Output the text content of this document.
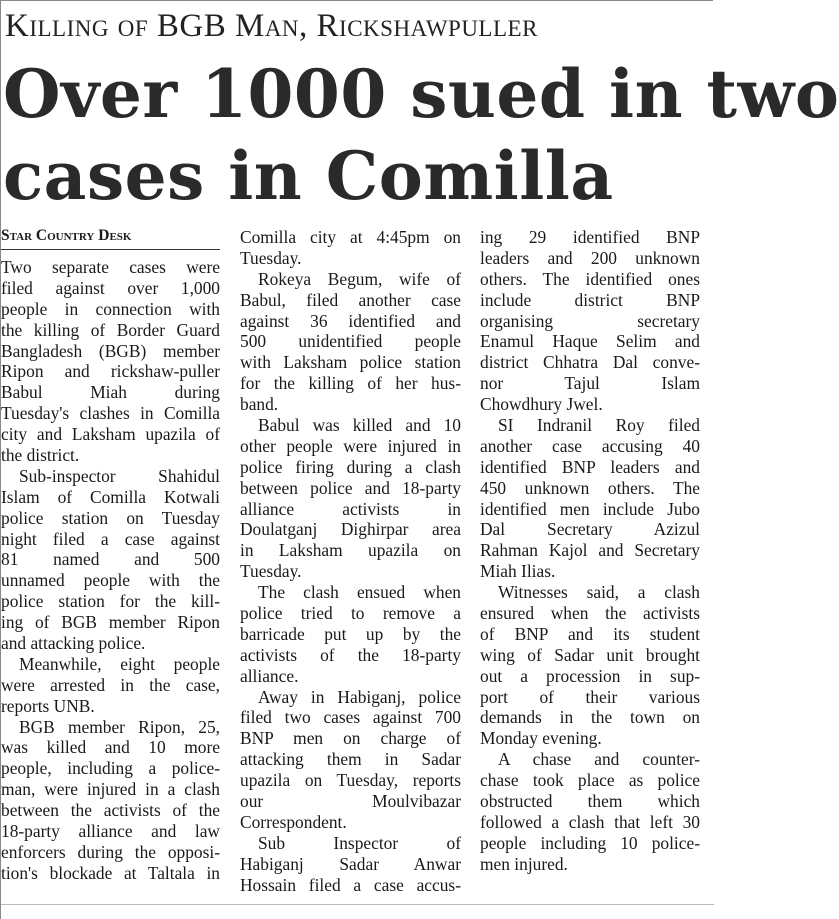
Killing of BGB Man, Rickshawpuller
Over 1000 sued in two
cases in Comilla
Star Country Desk
Two separate cases were
filed against over 1,000
people in connection with
the killing of Border Guard
Bangladesh (BGB) member
Ripon and rickshaw-puller
Babul Miah during
Tuesday's clashes in Comilla
city and Laksham upazila of
the district.
Sub-inspector Shahidul
Islam of Comilla Kotwali
police station on Tuesday
night filed a case against
81 named and 500
unnamed people with the
police station for the kill-
ing of BGB member Ripon
and attacking police.
Meanwhile, eight people
were arrested in the case,
reports UNB.
BGB member Ripon, 25,
was killed and 10 more
people, including a police-
man, were injured in a clash
between the activists of the
18-party alliance and law
enforcers during the opposi-
tion's blockade at Taltala in
Comilla city at 4:45pm on
Tuesday.
Rokeya Begum, wife of
Babul, filed another case
against 36 identified and
500 unidentified people
with Laksham police station
for the killing of her hus-
band.
Babul was killed and 10
other people were injured in
police firing during a clash
between police and 18-party
alliance activists in
Doulatganj Dighirpar area
in Laksham upazila on
Tuesday.
The clash ensued when
police tried to remove a
barricade put up by the
activists of the 18-party
alliance.
Away in Habiganj, police
filed two cases against 700
BNP men on charge of
attacking them in Sadar
upazila on Tuesday, reports
our Moulvibazar
Correspondent.
Sub Inspector of
Habiganj Sadar Anwar
Hossain filed a case accus-
ing 29 identified BNP
leaders and 200 unknown
others. The identified ones
include district BNP
organising secretary
Enamul Haque Selim and
district Chhatra Dal conve-
nor Tajul Islam
Chowdhury Jwel.
SI Indranil Roy filed
another case accusing 40
identified BNP leaders and
450 unknown others. The
identified men include Jubo
Dal Secretary Azizul
Rahman Kajol and Secretary
Miah Ilias.
Witnesses said, a clash
ensured when the activists
of BNP and its student
wing of Sadar unit brought
out a procession in sup-
port of their various
demands in the town on
Monday evening.
A chase and counter-
chase took place as police
obstructed them which
followed a clash that left 30
people including 10 police-
men injured.
